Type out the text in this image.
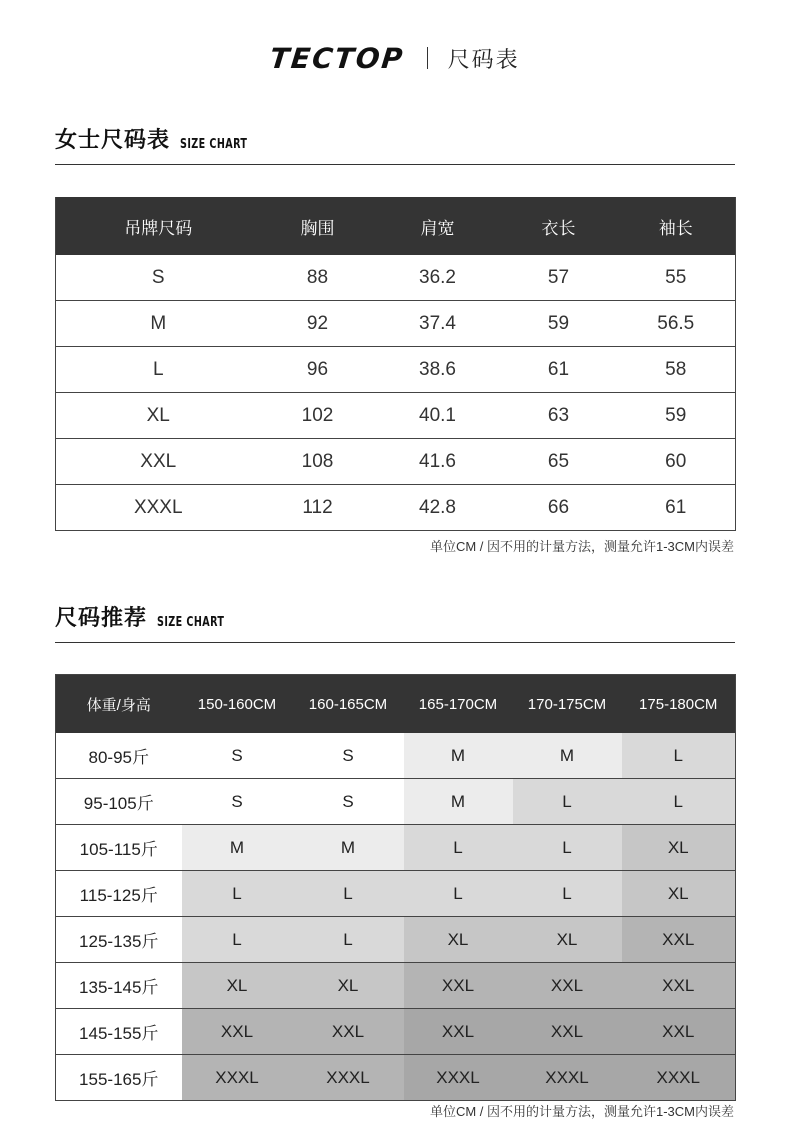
TECTOP 尺码表
女士尺码表 SIZE CHART
吊牌尺码	胸围	肩宽	衣长	袖长
S	88	36.2	57	55
M	92	37.4	59	56.5
L	96	38.6	61	58
XL	102	40.1	63	59
XXL	108	41.6	65	60
XXXL	112	42.8	66	61
单位CM / 因不用的计量方法，测量允许1-3CM内误差
尺码推荐 SIZE CHART
体重/身高	150-160CM	160-165CM	165-170CM	170-175CM	175-180CM
80-95斤	S	S	M	M	L
95-105斤	S	S	M	L	L
105-115斤	M	M	L	L	XL
115-125斤	L	L	L	L	XL
125-135斤	L	L	XL	XL	XXL
135-145斤	XL	XL	XXL	XXL	XXL
145-155斤	XXL	XXL	XXL	XXL	XXL
155-165斤	XXXL	XXXL	XXXL	XXXL	XXXL
单位CM / 因不用的计量方法，测量允许1-3CM内误差
